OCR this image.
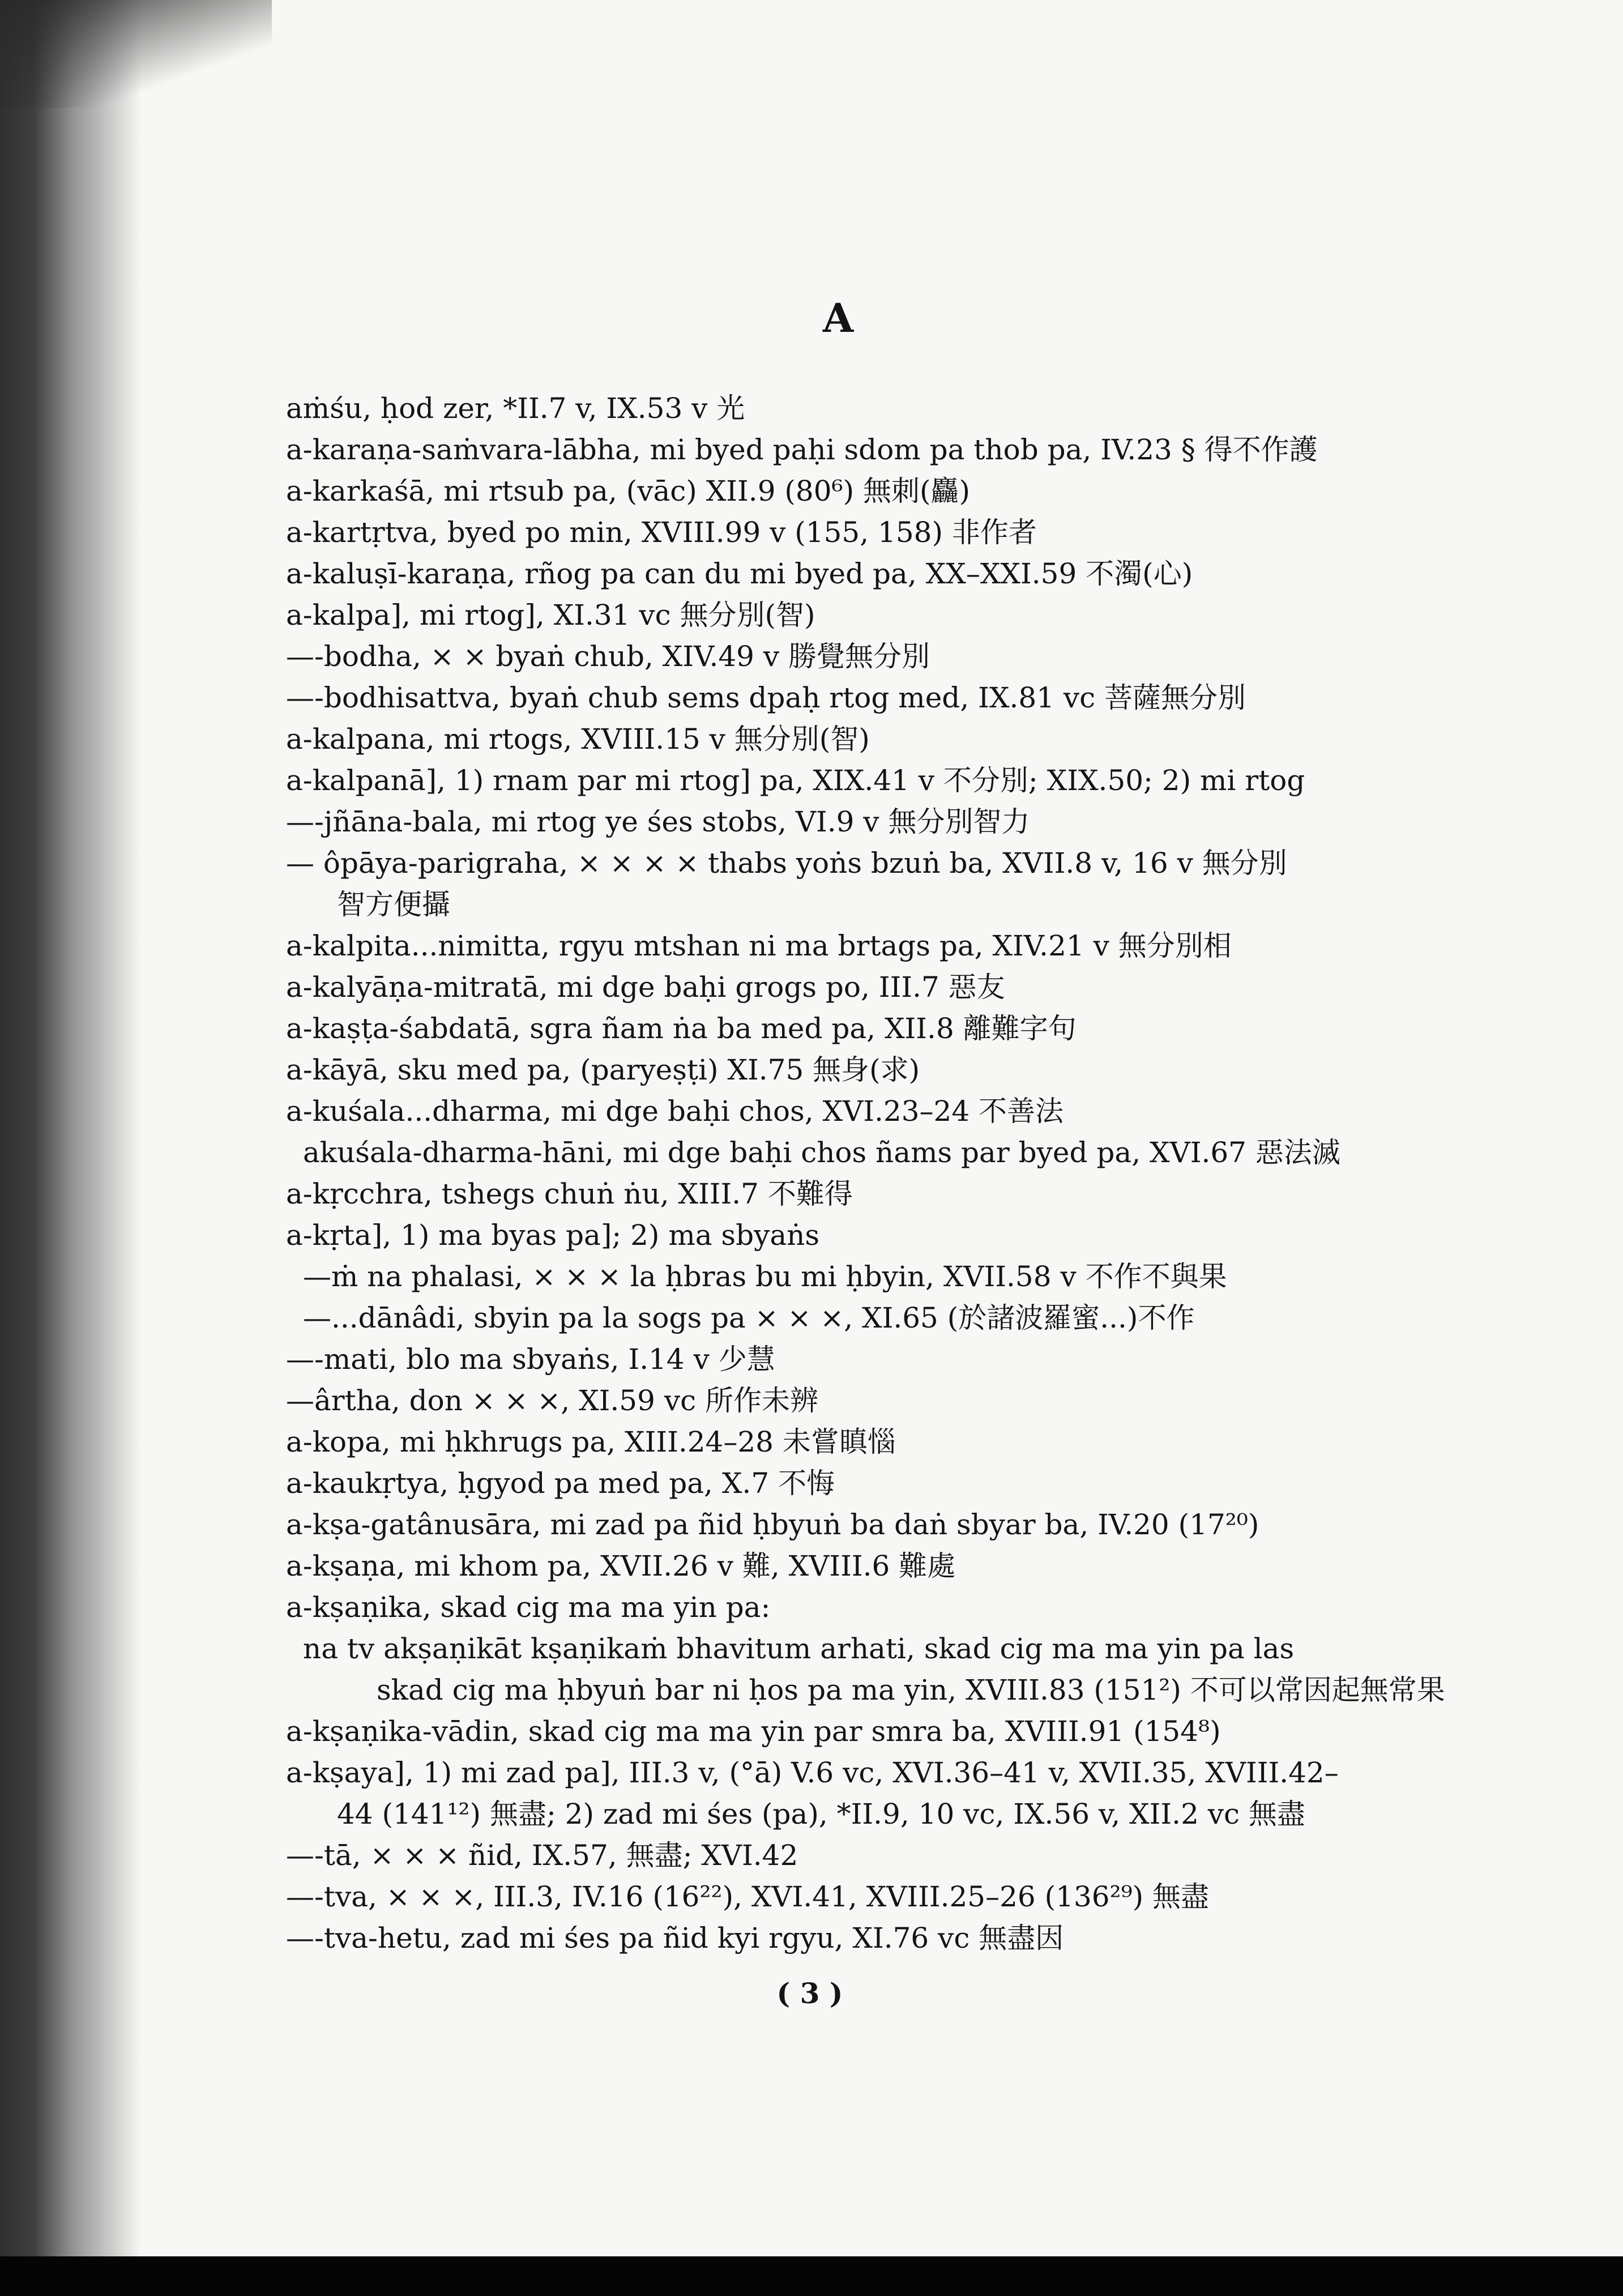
A
aṁśu, ḥod zer, *II.7 v, IX.53 v 光
a-karaṇa-saṁvara-lābha, mi byed paḥi sdom pa thob pa, IV.23 § 得不作護
a-karkaśā, mi rtsub pa, (vāc) XII.9 (80⁶) 無刺(麤)
a-kartṛtva, byed po min, XVIII.99 v (155, 158) 非作者
a-kaluṣī-karaṇa, rñog pa can du mi byed pa, XX–XXI.59 不濁(心)
a-kalpa], mi rtog], XI.31 vc 無分別(智)
—-bodha, × × byaṅ chub, XIV.49 v 勝覺無分別
—-bodhisattva, byaṅ chub sems dpaḥ rtog med, IX.81 vc 菩薩無分別
a-kalpana, mi rtogs, XVIII.15 v 無分別(智)
a-kalpanā], 1) rnam par mi rtog] pa, XIX.41 v 不分別; XIX.50; 2) mi rtog
—-jñāna-bala, mi rtog ye śes stobs, VI.9 v 無分別智力
— ôpāya-parigraha, × × × × thabs yoṅs bzuṅ ba, XVII.8 v, 16 v 無分別
智方便攝
a-kalpita...nimitta, rgyu mtshan ni ma brtags pa, XIV.21 v 無分別相
a-kalyāṇa-mitratā, mi dge baḥi grogs po, III.7 惡友
a-kaṣṭa-śabdatā, sgra ñam ṅa ba med pa, XII.8 離難字句
a-kāyā, sku med pa, (paryeṣṭi) XI.75 無身(求)
a-kuśala...dharma, mi dge baḥi chos, XVI.23–24 不善法
akuśala-dharma-hāni, mi dge baḥi chos ñams par byed pa, XVI.67 惡法滅
a-kṛcchra, tshegs chuṅ ṅu, XIII.7 不難得
a-kṛta], 1) ma byas pa]; 2) ma sbyaṅs
—ṁ na phalasi, × × × la ḥbras bu mi ḥbyin, XVII.58 v 不作不與果
—...dānâdi, sbyin pa la sogs pa × × ×, XI.65 (於諸波羅蜜...)不作
—-mati, blo ma sbyaṅs, I.14 v 少慧
—ârtha, don × × ×, XI.59 vc 所作未辨
a-kopa, mi ḥkhrugs pa, XIII.24–28 未嘗瞋惱
a-kaukṛtya, ḥgyod pa med pa, X.7 不悔
a-kṣa-gatânusāra, mi zad pa ñid ḥbyuṅ ba daṅ sbyar ba, IV.20 (17²⁰)
a-kṣaṇa, mi khom pa, XVII.26 v 難, XVIII.6 難處
a-kṣaṇika, skad cig ma ma yin pa:
na tv akṣaṇikāt kṣaṇikaṁ bhavitum arhati, skad cig ma ma yin pa las
skad cig ma ḥbyuṅ bar ni ḥos pa ma yin, XVIII.83 (151²) 不可以常因起無常果
a-kṣaṇika-vādin, skad cig ma ma yin par smra ba, XVIII.91 (154⁸)
a-kṣaya], 1) mi zad pa], III.3 v, (°ā) V.6 vc, XVI.36–41 v, XVII.35, XVIII.42–
44 (141¹²) 無盡; 2) zad mi śes (pa), *II.9, 10 vc, IX.56 v, XII.2 vc 無盡
—-tā, × × × ñid, IX.57, 無盡; XVI.42
—-tva, × × ×, III.3, IV.16 (16²²), XVI.41, XVIII.25–26 (136²⁹) 無盡
—-tva-hetu, zad mi śes pa ñid kyi rgyu, XI.76 vc 無盡因
( 3 )
